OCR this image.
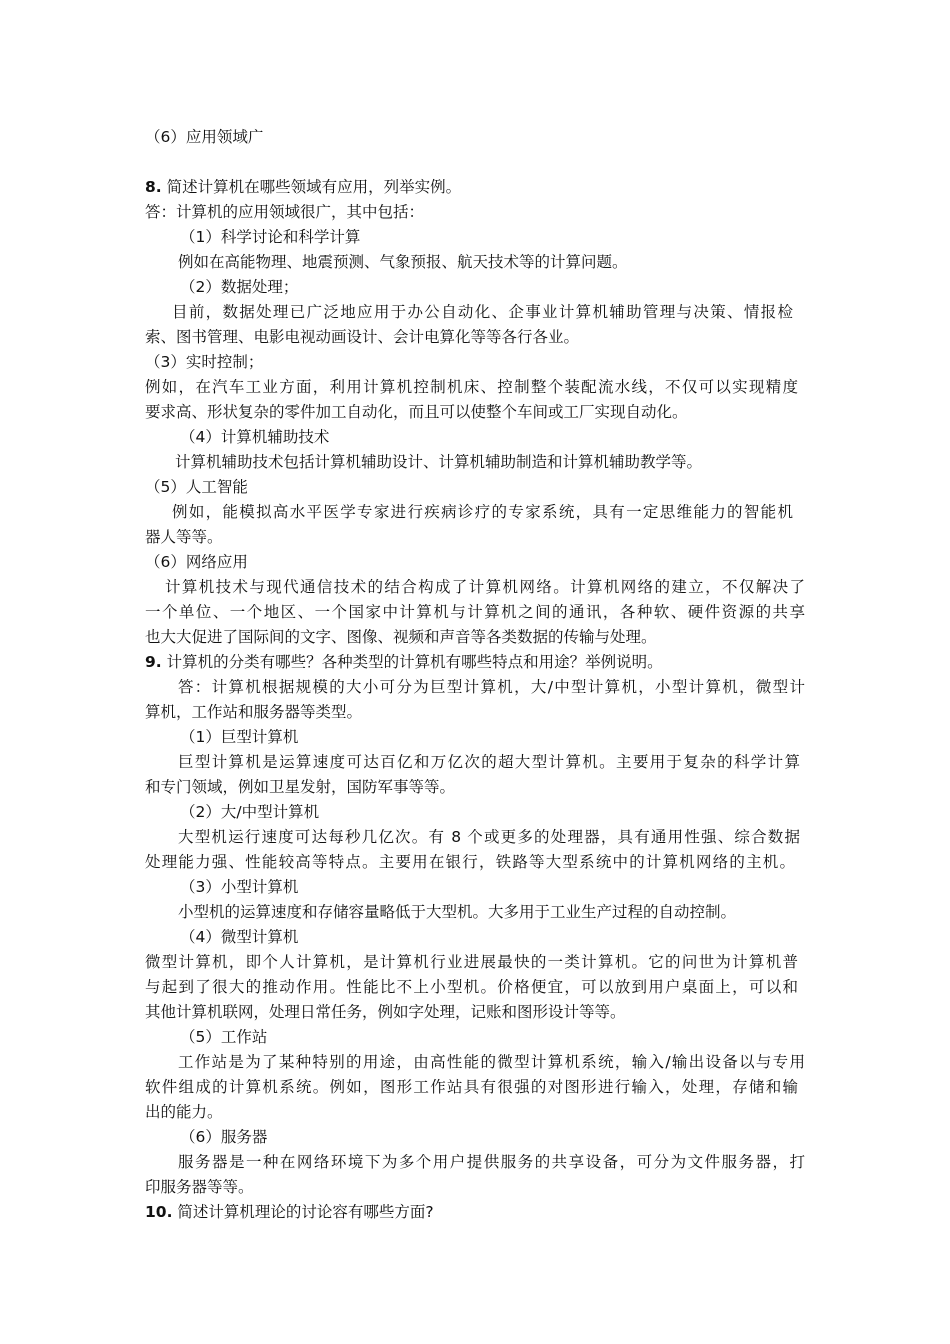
（6）应用领域广
8. 简述计算机在哪些领域有应用，列举实例。
答：计算机的应用领域很广，其中包括：
（1）科学讨论和科学计算
例如在高能物理、地震预测、气象预报、航天技术等的计算问题。
（2）数据处理；
目前，数据处理已广泛地应用于办公自动化、企事业计算机辅助管理与决策、情报检
索、图书管理、电影电视动画设计、会计电算化等等各行各业。
（3）实时控制；
例如，在汽车工业方面，利用计算机控制机床、控制整个装配流水线，不仅可以实现精度
要求高、形状复杂的零件加工自动化，而且可以使整个车间或工厂实现自动化。
（4）计算机辅助技术
计算机辅助技术包括计算机辅助设计、计算机辅助制造和计算机辅助教学等。
（5）人工智能
例如，能模拟高水平医学专家进行疾病诊疗的专家系统，具有一定思维能力的智能机
器人等等。
（6）网络应用
计算机技术与现代通信技术的结合构成了计算机网络。计算机网络的建立，不仅解决了
一个单位、一个地区、一个国家中计算机与计算机之间的通讯，各种软、硬件资源的共享
也大大促进了国际间的文字、图像、视频和声音等各类数据的传输与处理。
9. 计算机的分类有哪些？各种类型的计算机有哪些特点和用途？举例说明。
答：计算机根据规模的大小可分为巨型计算机，大/中型计算机，小型计算机，微型计
算机，工作站和服务器等类型。
（1）巨型计算机
巨型计算机是运算速度可达百亿和万亿次的超大型计算机。主要用于复杂的科学计算
和专门领域，例如卫星发射，国防军事等等。
（2）大/中型计算机
大型机运行速度可达每秒几亿次。有 8 个或更多的处理器，具有通用性强、综合数据
处理能力强、性能较高等特点。主要用在银行，铁路等大型系统中的计算机网络的主机。
（3）小型计算机
小型机的运算速度和存储容量略低于大型机。大多用于工业生产过程的自动控制。
（4）微型计算机
微型计算机，即个人计算机，是计算机行业进展最快的一类计算机。它的问世为计算机普
与起到了很大的推动作用。性能比不上小型机。价格便宜，可以放到用户桌面上，可以和
其他计算机联网，处理日常任务，例如字处理，记账和图形设计等等。
（5）工作站
工作站是为了某种特别的用途，由高性能的微型计算机系统，输入/输出设备以与专用
软件组成的计算机系统。例如，图形工作站具有很强的对图形进行输入，处理，存储和输
出的能力。
（6）服务器
服务器是一种在网络环境下为多个用户提供服务的共享设备，可分为文件服务器，打
印服务器等等。
10. 简述计算机理论的讨论容有哪些方面?
